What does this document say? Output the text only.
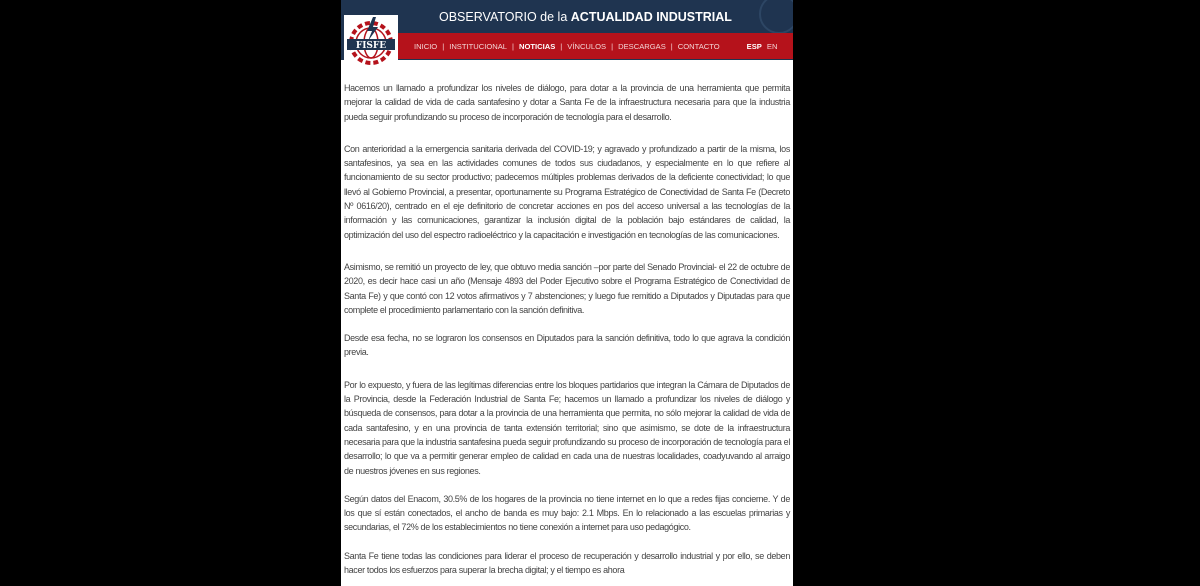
OBSERVATORIO de la ACTUALIDAD INDUSTRIAL
INICIO | INSTITUCIONAL | NOTICIAS | VÍNCULOS | DESCARGAS | CONTACTO	ESP EN
FISFE

Hacemos un llamado a profundizar los niveles de diálogo, para dotar a la provincia de una herramienta que permita mejorar la calidad de vida de cada santafesino y dotar a Santa Fe de la infraestructura necesaria para que la industria pueda seguir profundizando su proceso de incorporación de tecnología para el desarrollo.

Con anterioridad a la emergencia sanitaria derivada del COVID-19; y agravado y profundizado a partir de la misma, los santafesinos, ya sea en las actividades comunes de todos sus ciudadanos, y especialmente en lo que refiere al funcionamiento de su sector productivo; padecemos múltiples problemas derivados de la deficiente conectividad; lo que llevó al Gobierno Provincial, a presentar, oportunamente su Programa Estratégico de Conectividad de Santa Fe (Decreto Nº 0616/20), centrado en el eje definitorio de concretar acciones en pos del acceso universal a las tecnologías de la información y las comunicaciones, garantizar la inclusión digital de la población bajo estándares de calidad, la optimización del uso del espectro radioeléctrico y la capacitación e investigación en tecnologías de las comunicaciones.

Asimismo, se remitió un proyecto de ley, que obtuvo media sanción –por parte del Senado Provincial- el 22 de octubre de 2020, es decir hace casi un año (Mensaje 4893 del Poder Ejecutivo sobre el Programa Estratégico de Conectividad de Santa Fe) y que contó con 12 votos afirmativos y 7 abstenciones; y luego fue remitido a Diputados y Diputadas para que complete el procedimiento parlamentario con la sanción definitiva.

Desde esa fecha, no se lograron los consensos en Diputados para la sanción definitiva, todo lo que agrava la condición previa.

Por lo expuesto, y fuera de las legítimas diferencias entre los bloques partidarios que integran la Cámara de Diputados de la Provincia, desde la Federación Industrial de Santa Fe; hacemos un llamado a profundizar los niveles de diálogo y búsqueda de consensos, para dotar a la provincia de una herramienta que permita, no sólo mejorar la calidad de vida de cada santafesino, y en una provincia de tanta extensión territorial; sino que asimismo, se dote de la infraestructura necesaria para que la industria santafesina pueda seguir profundizando su proceso de incorporación de tecnología para el desarrollo; lo que va a permitir generar empleo de calidad en cada una de nuestras localidades, coadyuvando al arraigo de nuestros jóvenes en sus regiones.

Según datos del Enacom, 30.5% de los hogares de la provincia no tiene internet en lo que a redes fijas concierne. Y de los que sí están conectados, el ancho de banda es muy bajo: 2.1 Mbps. En lo relacionado a las escuelas primarias y secundarias, el 72% de los establecimientos no tiene conexión a internet para uso pedagógico.

Santa Fe tiene todas las condiciones para liderar el proceso de recuperación y desarrollo industrial y por ello, se deben hacer todos los esfuerzos para superar la brecha digital; y el tiempo es ahora
